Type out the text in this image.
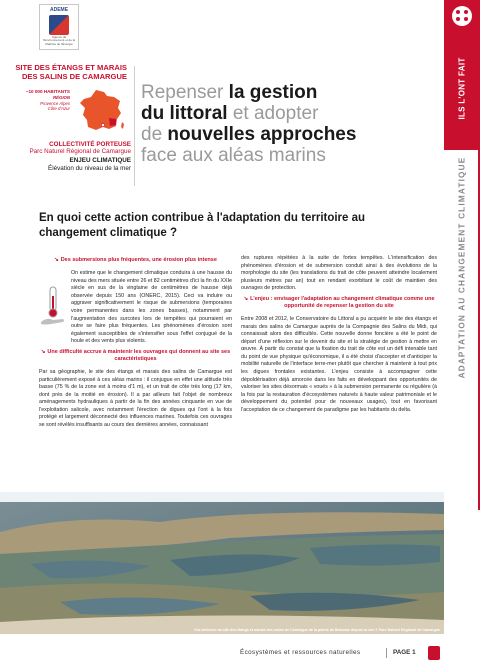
ADEME
Agence de l'Environnement et de la Maîtrise de l'Énergie
SITE DES ÉTANGS ET MARAIS DES SALINS DE CAMARGUE
~10 000 HABITANTS
RÉGION
Provence Alpes
Côte d'Azur
COLLECTIVITÉ PORTEUSE
Parc Naturel Régional de Camargue
ENJEU CLIMATIQUE
Élévation du niveau de la mer
Repenser la gestion
du littoral et adopter
de nouvelles approches
face aux aléas marins
ILS L'ONT FAIT
ADAPTATION AU CHANGEMENT CLIMATIQUE
En quoi cette action contribue à l'adaptation du territoire au changement climatique ?
↘ Des submersions plus fréquentes, une érosion plus intense

On estime que le changement climatique conduira à une hausse du niveau des mers située entre 26 et 82 centimètres d'ici la fin du XXIe siècle en sus de la vingtaine de centimètres de hausse déjà observée depuis 150 ans (ONERC, 2015). Ceci va induire ou aggraver significativement le risque de submersions (temporaires voire permanentes dans les zones basses), notamment par l'augmentation des surcotes lors de tempêtes qui pourraient en outre se faire plus fréquentes. Les phénomènes d'érosion sont également susceptibles de s'intensifier sous l'effet conjugué de la houle et des vents plus violents.

↘ Une difficulté accrue à maintenir les ouvrages qui donnent au site ses caractéristiques

Par sa géographie, le site des étangs et marais des salins de Camargue est particulièrement exposé à ces aléas marins : il conjugue en effet une altitude très basse (75 % de la zone est à moins d'1 m), et un trait de côte très long (17 km, dont près de la moitié en érosion). Il a par ailleurs fait l'objet de nombreux aménagements hydrauliques à partir de la fin des années cinquante en vue de l'exploitation salicole, avec notamment l'érection de digues qui l'ont à la fois protégé et largement déconnecté des influences marines. Toutefois ces ouvrages se sont révélés insuffisants au cours des dernières années, connaissant

des ruptures répétées à la suite de fortes tempêtes. L'intensification des phénomènes d'érosion et de submersion conduit ainsi à des évolutions de la morphologie du site (les translations du trait de côte peuvent atteindre localement plusieurs mètres par an) tout en rendant exorbitant le coût de maintien des ouvrages de protection.

↘ L'enjeu : envisager l'adaptation au changement climatique comme une opportunité de repenser la gestion du site

Entre 2008 et 2012, le Conservatoire du Littoral a pu acquérir le site des étangs et marais des salins de Camargue auprès de la Compagnie des Salins du Midi, qui connaissait alors des difficultés. Cette nouvelle donne foncière a été le point de départ d'une réflexion sur le devenir du site et la stratégie de gestion à mettre en œuvre. À partir du constat que la fixation du trait de côte est un défi intenable tant du point de vue physique qu'économique, il a été choisi d'accepter et d'anticiper la mobilité naturelle de l'interface terre-mer plutôt que chercher à maintenir à tout prix les digues frontales existantes. L'enjeu consiste à accompagner cette dépoldérisation déjà amorcée dans les faits en développant des opportunités de valoriser les sites désormais « voués » à la submersion permanente ou régulière (à la fois par la restauration d'écosystèmes naturels à haute valeur patrimoniale et le développement du potentiel pour de nouveaux usages), tout en favorisant l'acceptation de ce changement de paradigme par les habitants du delta.

Vue aérienne du site des étangs et marais des salins de Camargue de la pointe de Beauduc depuis la mer © Parc Naturel Régional de Camargue
Écosystèmes et ressources naturelles	PAGE 1
